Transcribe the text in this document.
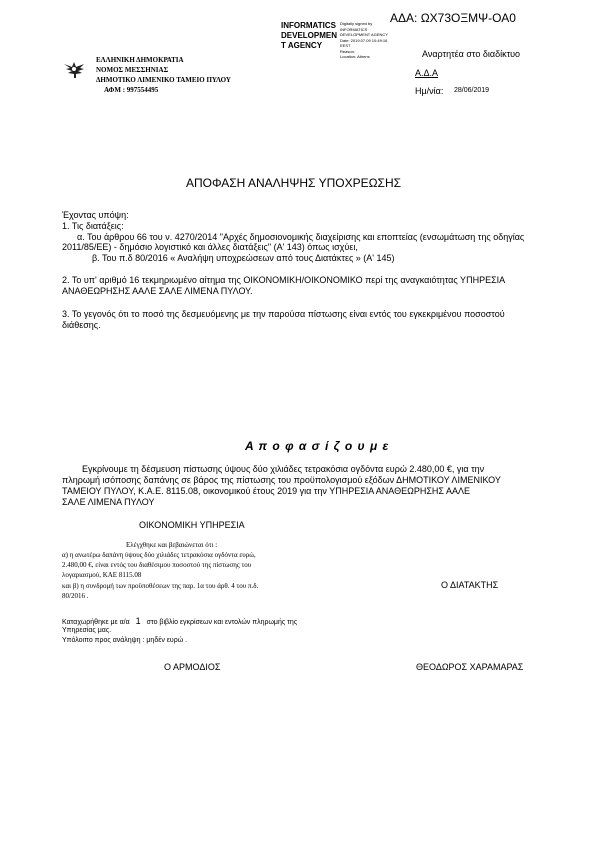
ΑΔΑ: ΩΧ73ΟΞΜΨ-ΟΑ0
INFORMATICS
DEVELOPMEN
T AGENCY
Digitally signed by
INFORMATICS
DEVELOPMENT AGENCY
Date: 2019.07.09 10:49:16
EEST
Reason:
Location: Athens
ΕΛΛΗΝΙΚΗ ΔΗΜΟΚΡΑΤΙΑ
ΝΟΜΟΣ ΜΕΣΣΗΝΙΑΣ
ΔΗΜΟΤΙΚΟ ΛΙΜΕΝΙΚΟ ΤΑΜΕΙΟ ΠΥΛΟΥ
ΑΦΜ : 997554495
Αναρτητέα στο διαδίκτυο
Α.Δ.Α
Ημ/νία: 28/06/2019
ΑΠΟΦΑΣΗ ΑΝΑΛΗΨΗΣ ΥΠΟΧΡΕΩΣΗΣ
Έχοντας υπόψη:
1. Τις διατάξεις:
α. Του άρθρου 66 του ν. 4270/2014 "Αρχές δημοσιονομικής διαχείρισης και εποπτείας (ενσωμάτωση της οδηγίας
2011/85/ΕΕ) - δημόσιο λογιστικό και άλλες διατάξεις" (Α' 143) όπως ισχύει,
β. Του π.δ 80/2016 « Αναλήψη υποχρεώσεων από τους Διατάκτες » (Α' 145)
2. Το υπ' αριθμό 16 τεκμηριωμένο αίτημα της ΟΙΚΟΝΟΜΙΚΗ/ΟΙΚΟΝΟΜΙΚΟ περί της αναγκαιότητας ΥΠΗΡΕΣΙΑ
ΑΝΑΘΕΩΡΗΣΗΣ ΑΑΛΕ ΣΑΛΕ ΛΙΜΕΝΑ ΠΥΛΟΥ.
3. Το γεγονός ότι το ποσό της δεσμευόμενης με την παρούσα πίστωσης είναι εντός του εγκεκριμένου ποσοστού
διάθεσης.
Α π ο φ α σ ί ζ ο υ μ ε
Εγκρίνουμε τη δέσμευση πίστωσης ύψους δύο χιλιάδες τετρακόσια ογδόντα ευρώ 2.480,00 €, για την
πληρωμή ισόποσης δαπάνης σε βάρος της πίστωσης του προϋπολογισμού εξόδων ΔΗΜΟΤΙΚΟΥ ΛΙΜΕΝΙΚΟΥ
ΤΑΜΕΙΟΥ ΠΥΛΟΥ, Κ.Α.Ε. 8115.08, οικονομικού έτους 2019 για την ΥΠΗΡΕΣΙΑ ΑΝΑΘΕΩΡΗΣΗΣ ΑΑΛΕ
ΣΑΛΕ ΛΙΜΕΝΑ ΠΥΛΟΥ
ΟΙΚΟΝΟΜΙΚΗ ΥΠΗΡΕΣΙΑ
Ελέγχθηκε και βεβαιώνεται ότι :
α) η ανωτέρω δαπάνη ύψους δύο χιλιάδες τετρακόσια ογδόντα ευρώ,
2.480,00 €, είναι εντός του διαθέσιμου ποσοστού της πίστωσης του
λογαριασμού, ΚΑΕ 8115.08
και β) η συνδρομή των προϋποθέσεων της παρ. 1α του άρθ. 4 του π.δ.
80/2016 .
Ο ΔΙΑΤΑΚΤΗΣ
Καταχωρήθηκε με α/α 1 στο βιβλίο εγκρίσεων και εντολών πληρωμής της
Υπηρεσίας μας.
Υπόλοιπο προς ανάληψη : μηδέν ευρώ .
Ο ΑΡΜΟΔΙΟΣ	ΘΕΟΔΩΡΟΣ ΧΑΡΑΜΑΡΑΣ
